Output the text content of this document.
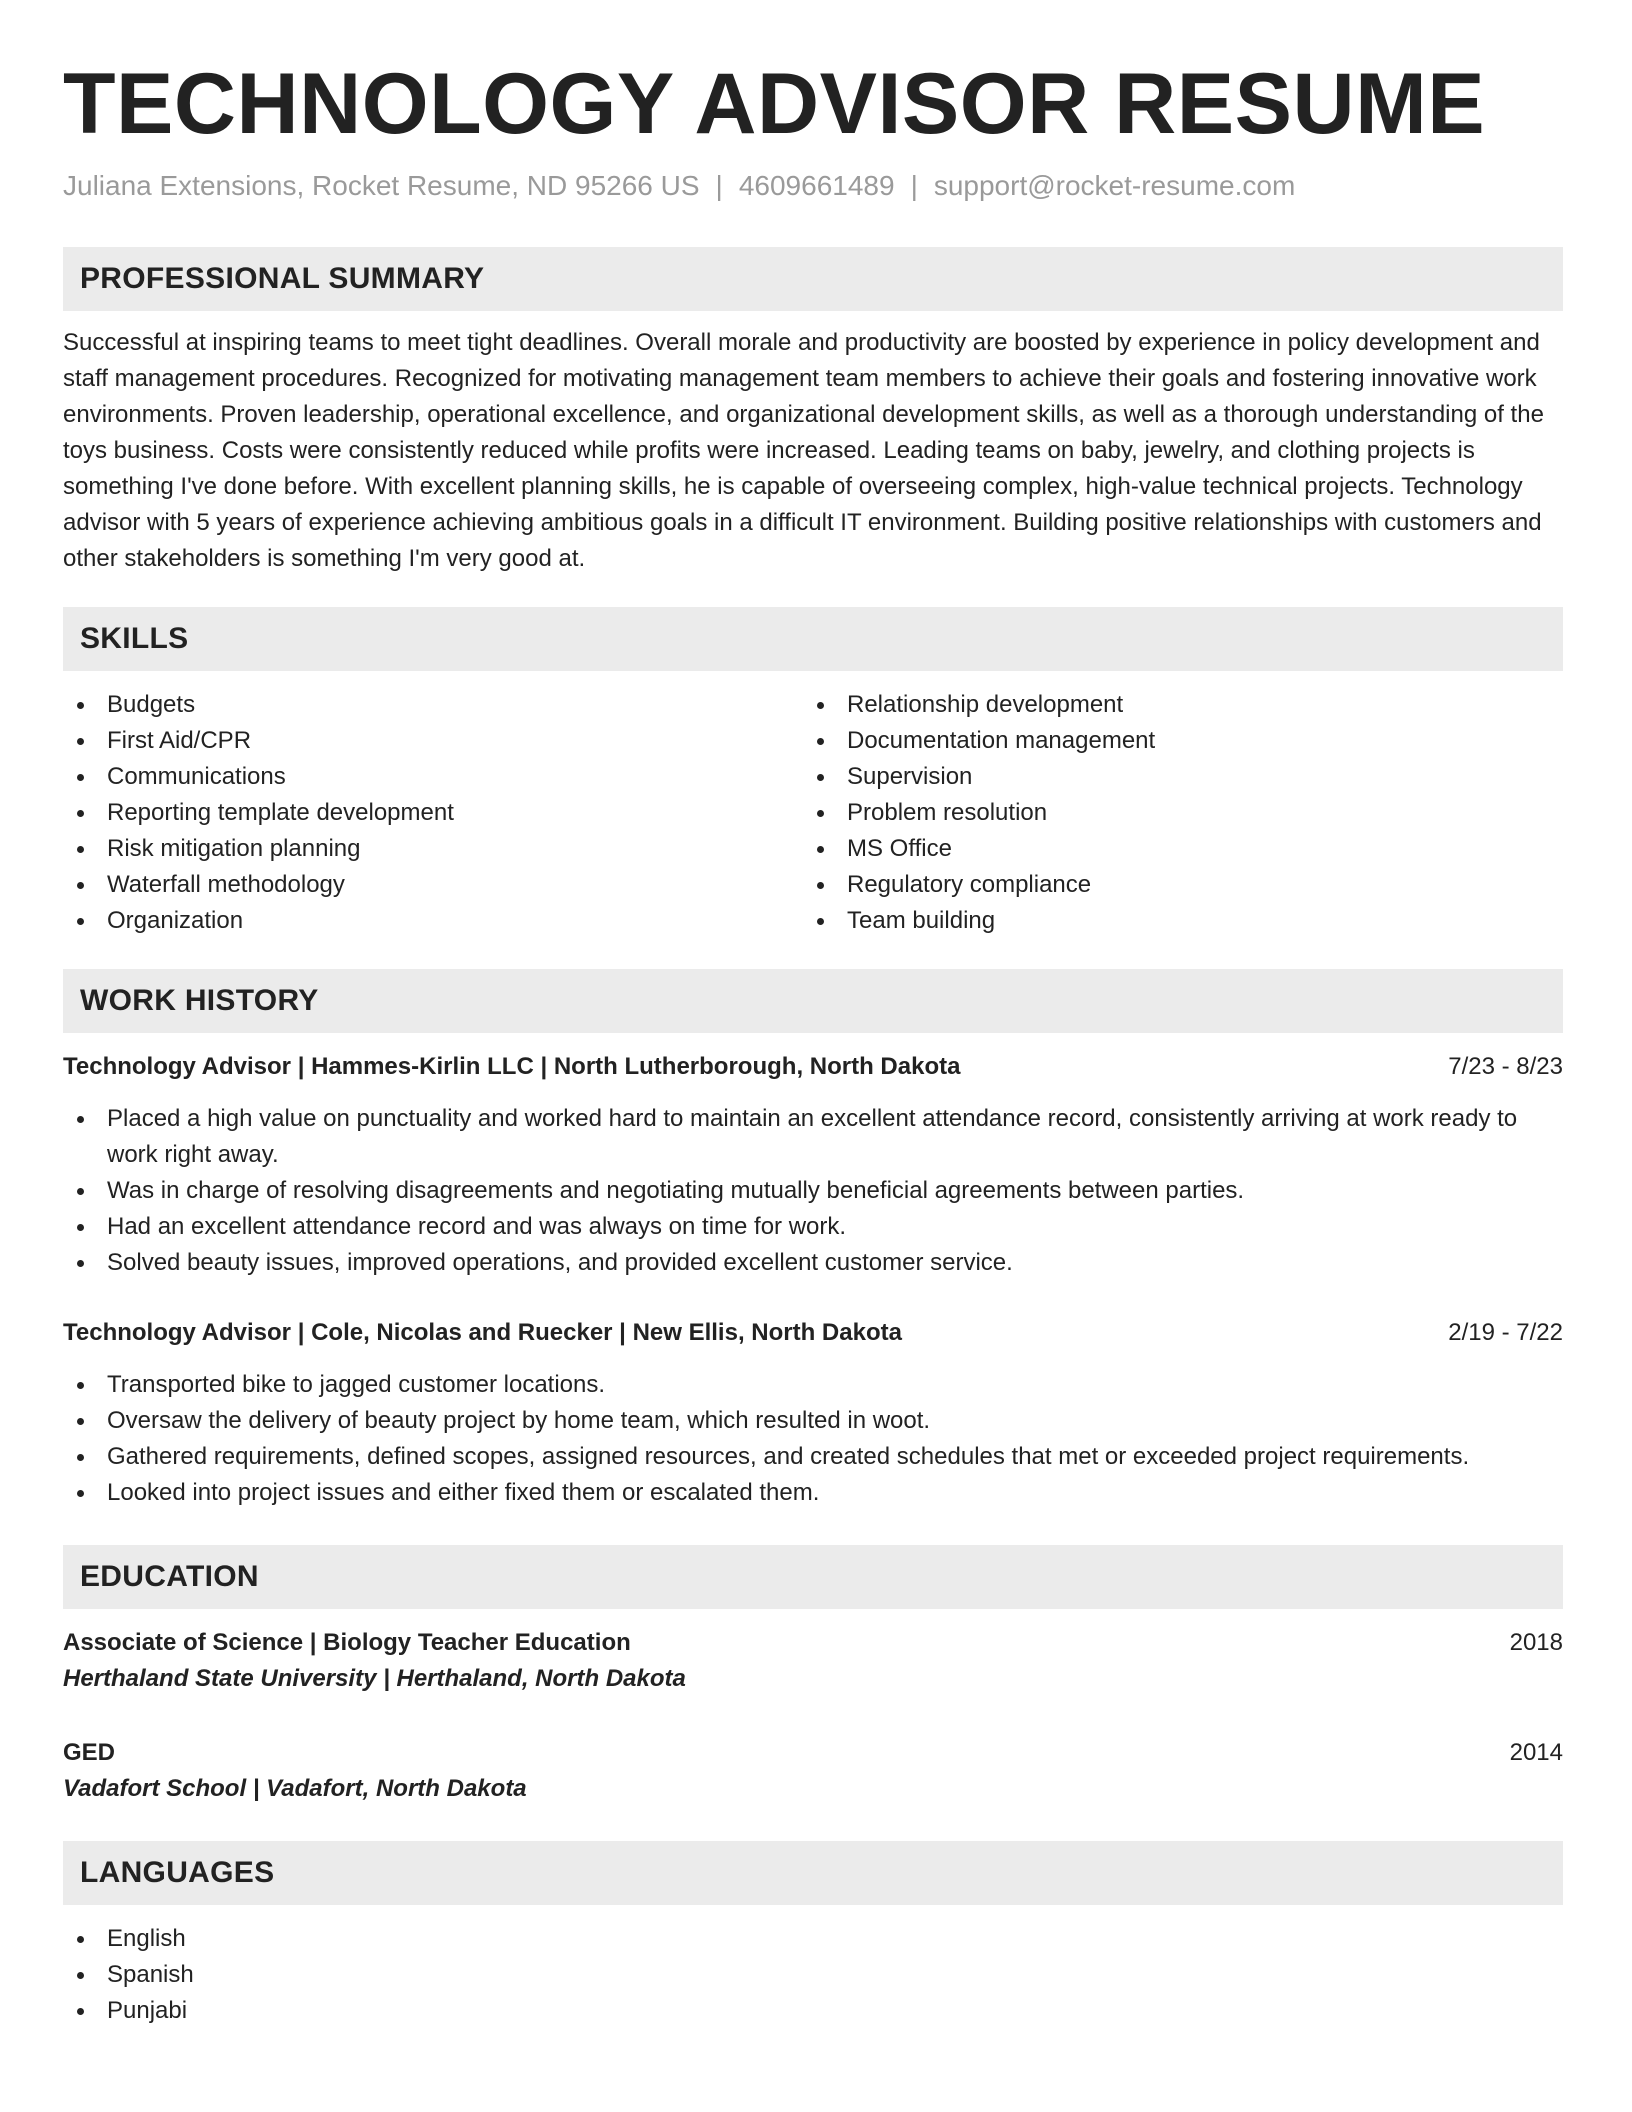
TECHNOLOGY ADVISOR RESUME
Juliana Extensions, Rocket Resume, ND 95266 US | 4609661489 | support@rocket-resume.com
PROFESSIONAL SUMMARY

Successful at inspiring teams to meet tight deadlines. Overall morale and productivity are boosted by experience in policy development and staff management procedures. Recognized for motivating management team members to achieve their goals and fostering innovative work environments. Proven leadership, operational excellence, and organizational development skills, as well as a thorough understanding of the toys business. Costs were consistently reduced while profits were increased. Leading teams on baby, jewelry, and clothing projects is something I've done before. With excellent planning skills, he is capable of overseeing complex, high-value technical projects. Technology advisor with 5 years of experience achieving ambitious goals in a difficult IT environment. Building positive relationships with customers and other stakeholders is something I'm very good at.

SKILLS
Budgets
First Aid/CPR
Communications
Reporting template development
Risk mitigation planning
Waterfall methodology
Organization
Relationship development
Documentation management
Supervision
Problem resolution
MS Office
Regulatory compliance
Team building
WORK HISTORY
Technology Advisor | Hammes-Kirlin LLC | North Lutherborough, North Dakota	7/23 - 8/23
Placed a high value on punctuality and worked hard to maintain an excellent attendance record, consistently arriving at work ready to work right away.
Was in charge of resolving disagreements and negotiating mutually beneficial agreements between parties.
Had an excellent attendance record and was always on time for work.
Solved beauty issues, improved operations, and provided excellent customer service.
Technology Advisor | Cole, Nicolas and Ruecker | New Ellis, North Dakota	2/19 - 7/22
Transported bike to jagged customer locations.
Oversaw the delivery of beauty project by home team, which resulted in woot.
Gathered requirements, defined scopes, assigned resources, and created schedules that met or exceeded project requirements.
Looked into project issues and either fixed them or escalated them.
EDUCATION
Associate of Science | Biology Teacher Education	2018
Herthaland State University | Herthaland, North Dakota
GED	2014
Vadafort School | Vadafort, North Dakota
LANGUAGES
English
Spanish
Punjabi
